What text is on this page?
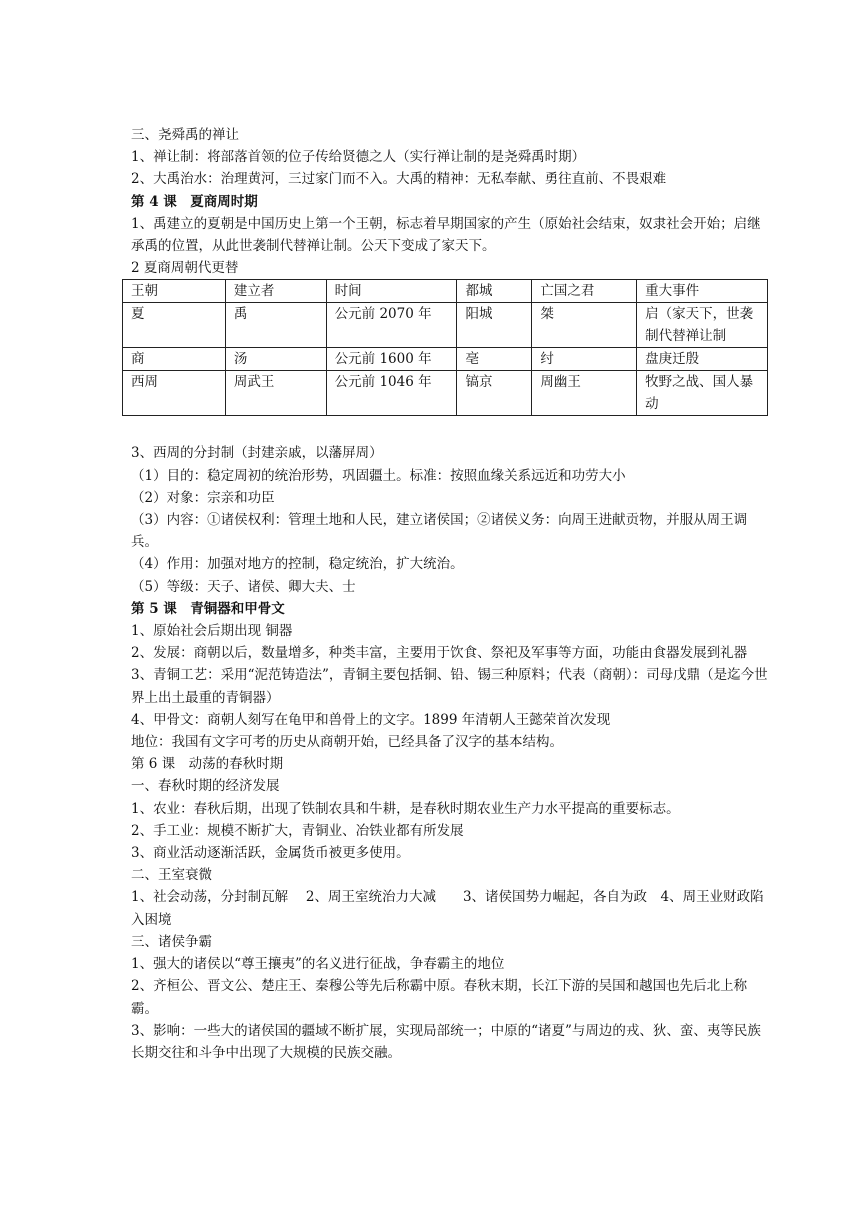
三、尧舜禹的禅让
1、禅让制：将部落首领的位子传给贤德之人（实行禅让制的是尧舜禹时期）
2、大禹治水：治理黄河，三过家门而不入。大禹的精神：无私奉献、勇往直前、不畏艰难
第 4 课　夏商周时期
1、禹建立的夏朝是中国历史上第一个王朝，标志着早期国家的产生（原始社会结束，奴隶社会开始；启继承禹的位置，从此世袭制代替禅让制。公天下变成了家天下。
2 夏商周朝代更替
王朝	建立者	时间	都城	亡国之君	重大事件
夏	禹	公元前 2070 年	阳城	桀	启（家天下，世袭制代替禅让制
商	汤	公元前 1600 年	亳	纣	盘庚迁殷
西周	周武王	公元前 1046 年	镐京	周幽王	牧野之战、国人暴动
3、西周的分封制（封建亲戚，以藩屏周）
（1）目的：稳定周初的统治形势，巩固疆土。标准：按照血缘关系远近和功劳大小
（2）对象：宗亲和功臣
（3）内容：①诸侯权利：管理土地和人民，建立诸侯国；②诸侯义务：向周王进献贡物，并服从周王调兵。
（4）作用：加强对地方的控制，稳定统治，扩大统治。
（5）等级：天子、诸侯、卿大夫、士
第 5 课　青铜器和甲骨文
1、原始社会后期出现 铜器
2、发展：商朝以后，数量增多，种类丰富，主要用于饮食、祭祀及军事等方面，功能由食器发展到礼器
3、青铜工艺：采用“泥范铸造法”，青铜主要包括铜、铅、锡三种原料；代表（商朝）：司母戊鼎（是迄今世界上出土最重的青铜器）
4、甲骨文：商朝人刻写在龟甲和兽骨上的文字。1899 年清朝人王懿荣首次发现
地位：我国有文字可考的历史从商朝开始，已经具备了汉字的基本结构。
第 6 课　动荡的春秋时期
一、春秋时期的经济发展
1、农业：春秋后期，出现了铁制农具和牛耕，是春秋时期农业生产力水平提高的重要标志。
2、手工业：规模不断扩大，青铜业、冶铁业都有所发展
3、商业活动逐渐活跃，金属货币被更多使用。
二、王室衰微
1、社会动荡，分封制瓦解　 2、周王室统治力大减　　3、诸侯国势力崛起，各自为政　4、周王业财政陷入困境
三、诸侯争霸
1、强大的诸侯以“尊王攘夷”的名义进行征战，争春霸主的地位
2、齐桓公、晋文公、楚庄王、秦穆公等先后称霸中原。春秋末期，长江下游的吴国和越国也先后北上称霸。
3、影响：一些大的诸侯国的疆域不断扩展，实现局部统一；中原的“诸夏”与周边的戎、狄、蛮、夷等民族长期交往和斗争中出现了大规模的民族交融。
